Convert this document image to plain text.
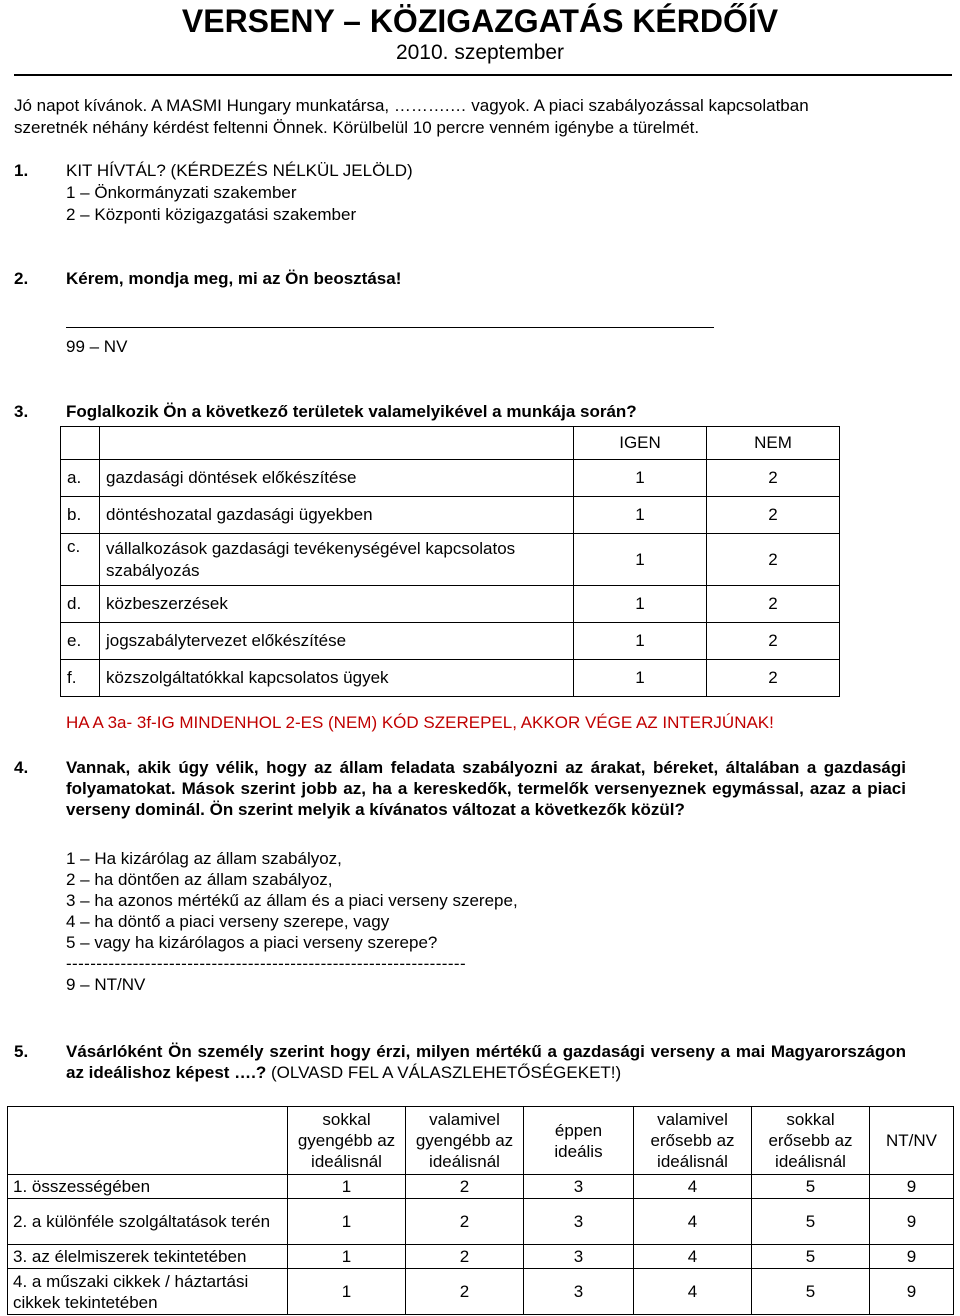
VERSENY – KÖZIGAZGATÁS KÉRDŐÍV
2010. szeptember
Jó napot kívánok. A MASMI Hungary munkatársa, ……….… vagyok. A piaci szabályozással kapcsolatban
szeretnék néhány kérdést feltenni Önnek. Körülbelül 10 percre venném igénybe a türelmét.
1. KIT HÍVTÁL? (KÉRDEZÉS NÉLKÜL JELÖLD)
1 – Önkormányzati szakember
2 – Központi közigazgatási szakember
2. Kérem, mondja meg, mi az Ön beosztása!
99 – NV
3. Foglalkozik Ön a következő területek valamelyikével a munkája során?
		IGEN	NEM
a.	gazdasági döntések előkészítése	1	2
b.	döntéshozatal gazdasági ügyekben	1	2
c.	vállalkozások gazdasági tevékenységével kapcsolatos szabályozás	1	2
d.	közbeszerzések	1	2
e.	jogszabálytervezet előkészítése	1	2
f.	közszolgáltatókkal kapcsolatos ügyek	1	2
HA A 3a- 3f-IG MINDENHOL 2-ES (NEM) KÓD SZEREPEL, AKKOR VÉGE AZ INTERJÚNAK!
4. Vannak, akik úgy vélik, hogy az állam feladata szabályozni az árakat, béreket, általában a gazdasági folyamatokat. Mások szerint jobb az, ha a kereskedők, termelők versenyeznek egymással, azaz a piaci verseny dominál. Ön szerint melyik a kívánatos változat a következők közül?
1 – Ha kizárólag az állam szabályoz,
2 – ha döntően az állam szabályoz,
3 – ha azonos mértékű az állam és a piaci verseny szerepe,
4 – ha döntő a piaci verseny szerepe, vagy
5 – vagy ha kizárólagos a piaci verseny szerepe?
------------------------------------------------------------------
9 – NT/NV
5. Vásárlóként Ön személy szerint hogy érzi, milyen mértékű a gazdasági verseny a mai Magyarországon az ideálishoz képest ….? (OLVASD FEL A VÁLASZLEHETŐSÉGEKET!)
	sokkal gyengébb az ideálisnál	valamivel gyengébb az ideálisnál	éppen ideális	valamivel erősebb az ideálisnál	sokkal erősebb az ideálisnál	NT/NV
1. összességében	1	2	3	4	5	9
2. a különféle szolgáltatások terén	1	2	3	4	5	9
3. az élelmiszerek tekintetében	1	2	3	4	5	9
4. a műszaki cikkek / háztartási cikkek tekintetében	1	2	3	4	5	9
